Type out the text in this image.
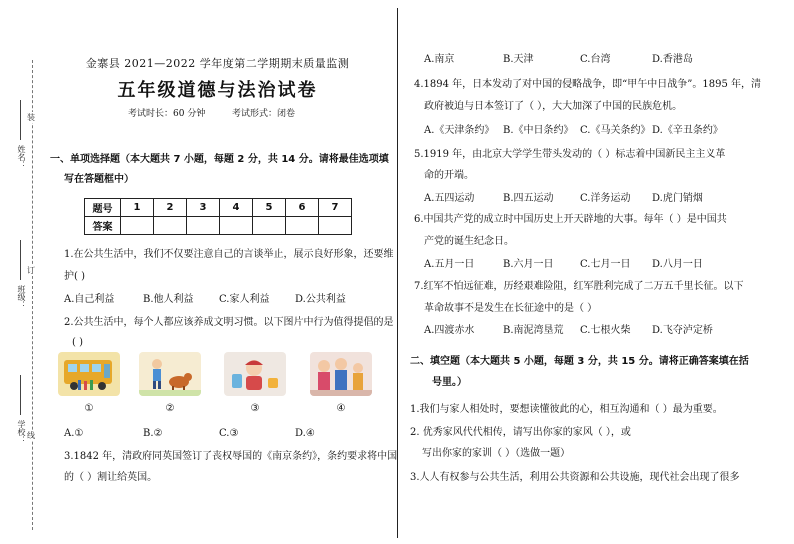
姓名：
班级：
学校：
装
订
线
金寨县 2021—2022 学年度第二学期期末质量监测
五年级道德与法治试卷
考试时长：60 分钟	考试形式：闭卷
一、单项选择题（本大题共 7 小题，每题 2 分，共 14 分。请将最佳选项填
写在答题框中）
题号	1	2	3	4	5	6	7
答案							
1.在公共生活中，我们不仅要注意自己的言谈举止，展示良好形象，还要维
护( )
A.自己利益	B.他人利益	C.家人利益	D.公共利益
2.公共生活中，每个人都应该养成文明习惯。以下图片中行为值得提倡的是
( )
①	②	③	④
A.①	B.②	C.③	D.④
3.1842 年，清政府同英国签订了丧权辱国的《南京条约》，条约要求将中国
的（ ）割让给英国。
A.南京	B.天津	C.台湾	D.香港岛
4.1894 年，日本发动了对中国的侵略战争，即“甲午中日战争”。1895 年，清
政府被迫与日本签订了（ ），大大加深了中国的民族危机。
A.《天津条约》 B.《中日条约》 C.《马关条约》 D.《辛丑条约》
5.1919 年，由北京大学学生带头发动的（ ）标志着中国新民主主义革
命的开端。
A.五四运动	B.四五运动	C.洋务运动 D.虎门销烟
6.中国共产党的成立时中国历史上开天辟地的大事。每年（ ）是中国共
产党的诞生纪念日。
A.五月一日	B.六月一日	C.七月一日 D.八月一日
7.红军不怕远征难，历经艰难险阻，红军胜利完成了二万五千里长征。以下
革命故事不是发生在长征途中的是（ ）
A.四渡赤水	B.南泥湾垦荒 C.七根火柴 D.飞夺泸定桥
二、填空题（本大题共 5 小题，每题 3 分，共 15 分。请将正确答案填在括
号里。）
1.我们与家人相处时，要想读懂彼此的心，相互沟通和（ ）最为重要。
2. 优秀家风代代相传，请写出你家的家风（ ），或
写出你家的家训（ ）（选做一题）
3.人人有权参与公共生活，利用公共资源和公共设施，现代社会出现了很多
